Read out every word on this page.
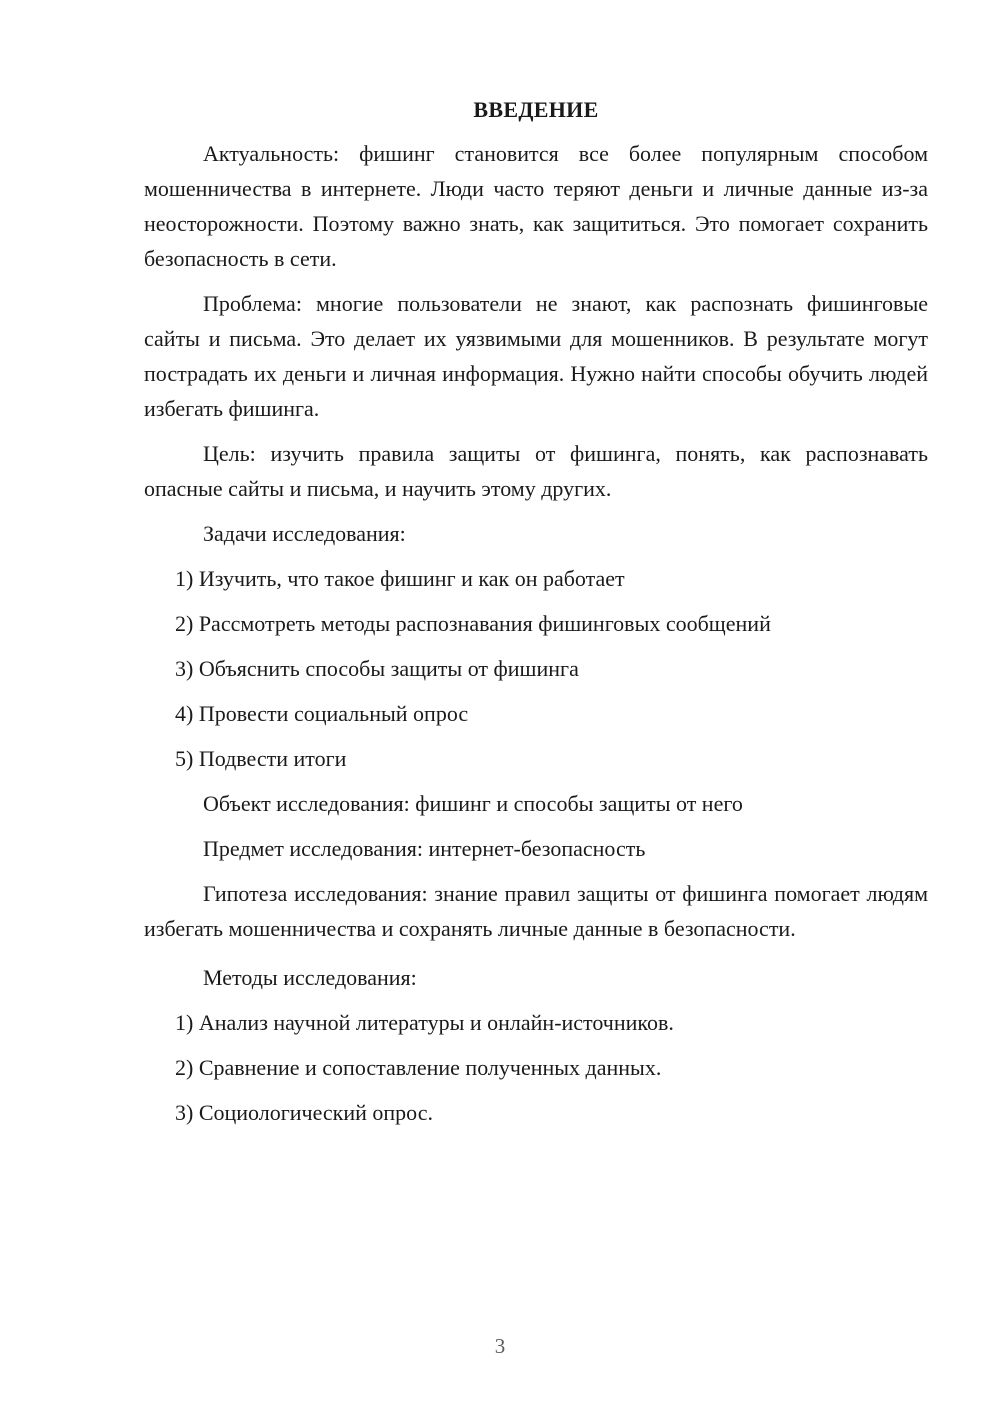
ВВЕДЕНИЕ

Актуальность: фишинг становится все более популярным способом мошенничества в интернете. Люди часто теряют деньги и личные данные из-за неосторожности. Поэтому важно знать, как защититься. Это помогает сохранить безопасность в сети.

Проблема: многие пользователи не знают, как распознать фишинговые сайты и письма. Это делает их уязвимыми для мошенников. В результате могут пострадать их деньги и личная информация. Нужно найти способы обучить людей избегать фишинга.

Цель: изучить правила защиты от фишинга, понять, как распознавать опасные сайты и письма, и научить этому других.

Задачи исследования:
1) Изучить, что такое фишинг и как он работает
2) Рассмотреть методы распознавания фишинговых сообщений
3) Объяснить способы защиты от фишинга
4) Провести социальный опрос
5) Подвести итоги
Объект исследования: фишинг и способы защиты от него
Предмет исследования: интернет-безопасность

Гипотеза исследования: знание правил защиты от фишинга помогает людям избегать мошенничества и сохранять личные данные в безопасности.

Методы исследования:
1) Анализ научной литературы и онлайн-источников.
2) Сравнение и сопоставление полученных данных.
3) Социологический опрос.
3
